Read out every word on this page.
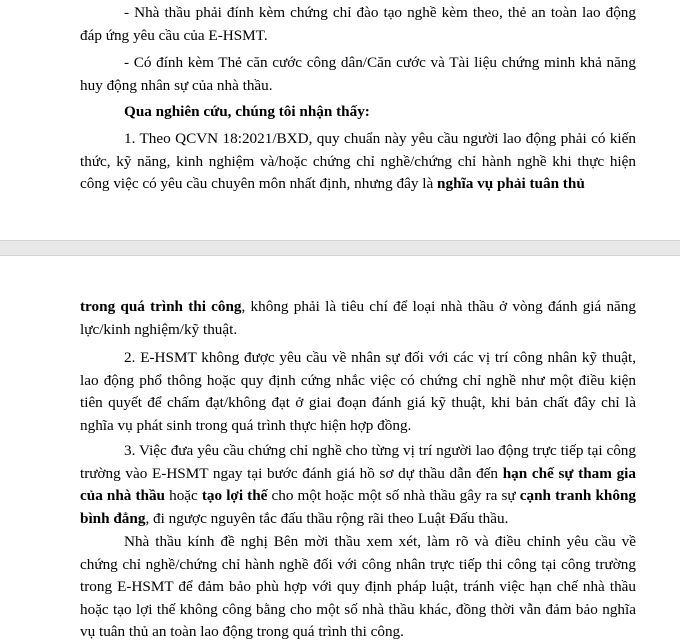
- Nhà thầu phải đính kèm chứng chỉ đào tạo nghề kèm theo, thẻ an toàn lao động đáp ứng yêu cầu của E-HSMT.

- Có đính kèm Thẻ căn cước công dân/Căn cước và Tài liệu chứng minh khả năng huy động nhân sự của nhà thầu.

Qua nghiên cứu, chúng tôi nhận thấy:

1. Theo QCVN 18:2021/BXD, quy chuẩn này yêu cầu người lao động phải có kiến thức, kỹ năng, kinh nghiệm và/hoặc chứng chỉ nghề/chứng chỉ hành nghề khi thực hiện công việc có yêu cầu chuyên môn nhất định, nhưng đây là nghĩa vụ phải tuân thủ

trong quá trình thi công, không phải là tiêu chí để loại nhà thầu ở vòng đánh giá năng lực/kinh nghiệm/kỹ thuật.

2. E-HSMT không được yêu cầu về nhân sự đối với các vị trí công nhân kỹ thuật, lao động phổ thông hoặc quy định cứng nhắc việc có chứng chỉ nghề như một điều kiện tiên quyết để chấm đạt/không đạt ở giai đoạn đánh giá kỹ thuật, khi bản chất đây chỉ là nghĩa vụ phát sinh trong quá trình thực hiện hợp đồng.

3. Việc đưa yêu cầu chứng chỉ nghề cho từng vị trí người lao động trực tiếp tại công trường vào E-HSMT ngay tại bước đánh giá hồ sơ dự thầu dẫn đến hạn chế sự tham gia của nhà thầu hoặc tạo lợi thế cho một hoặc một số nhà thầu gây ra sự cạnh tranh không bình đẳng, đi ngược nguyên tắc đấu thầu rộng rãi theo Luật Đấu thầu.

Nhà thầu kính đề nghị Bên mời thầu xem xét, làm rõ và điều chỉnh yêu cầu về chứng chỉ nghề/chứng chỉ hành nghề đối với công nhân trực tiếp thi công tại công trường trong E-HSMT để đảm bảo phù hợp với quy định pháp luật, tránh việc hạn chế nhà thầu hoặc tạo lợi thế không công bằng cho một số nhà thầu khác, đồng thời vẫn đảm bảo nghĩa vụ tuân thủ an toàn lao động trong quá trình thi công.
